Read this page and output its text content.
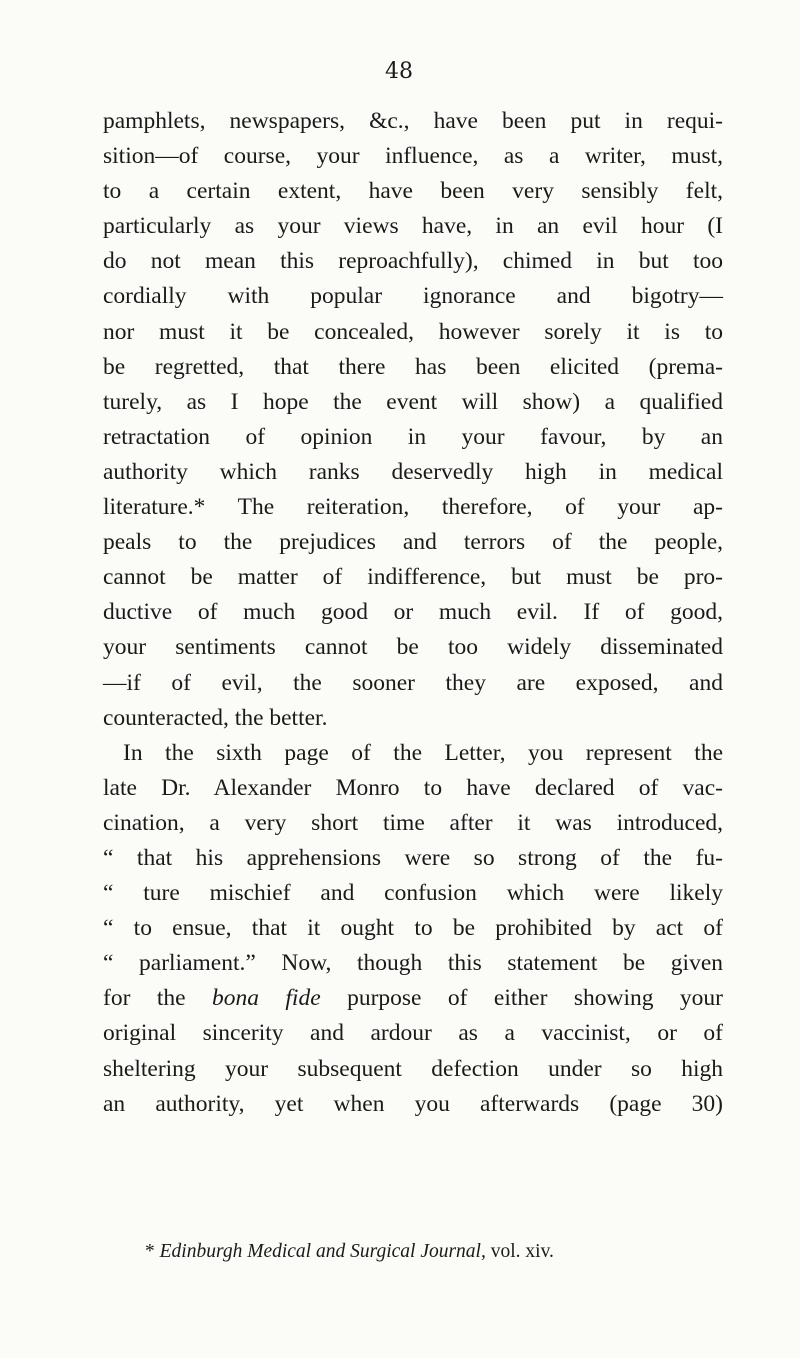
48
pamphlets, newspapers, &c., have been put in requi-
sition—of course, your influence, as a writer, must,
to a certain extent, have been very sensibly felt,
particularly as your views have, in an evil hour (I
do not mean this reproachfully), chimed in but too
cordially with popular ignorance and bigotry—
nor must it be concealed, however sorely it is to
be regretted, that there has been elicited (prema-
turely, as I hope the event will show) a qualified
retractation of opinion in your favour, by an
authority which ranks deservedly high in medical
literature.* The reiteration, therefore, of your ap-
peals to the prejudices and terrors of the people,
cannot be matter of indifference, but must be pro-
ductive of much good or much evil. If of good,
your sentiments cannot be too widely disseminated
—if of evil, the sooner they are exposed, and
counteracted, the better.
In the sixth page of the Letter, you represent the
late Dr. Alexander Monro to have declared of vac-
cination, a very short time after it was introduced,
“ that his apprehensions were so strong of the fu-
“ ture mischief and confusion which were likely
“ to ensue, that it ought to be prohibited by act of
“ parliament.” Now, though this statement be given
for the bona fide purpose of either showing your
original sincerity and ardour as a vaccinist, or of
sheltering your subsequent defection under so high
an authority, yet when you afterwards (page 30)
* Edinburgh Medical and Surgical Journal, vol. xiv.
